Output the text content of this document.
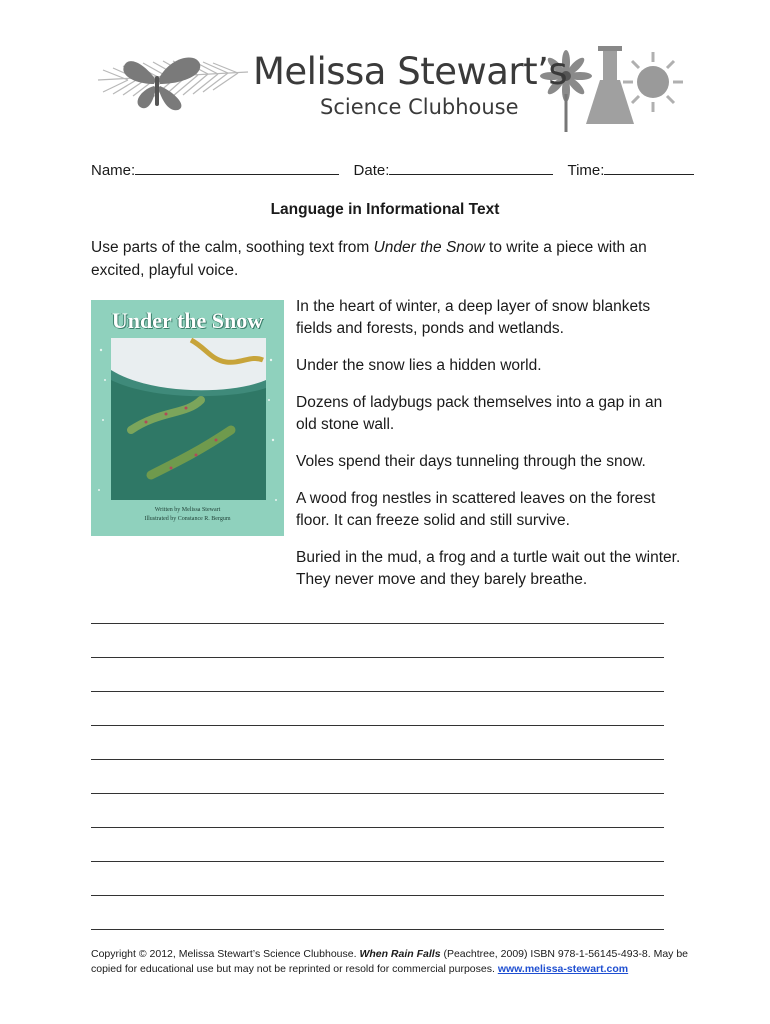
Melissa Stewart’s
Science Clubhouse
Name:	Date:	Time:
Language in Informational Text
Use parts of the calm, soothing text from Under the Snow to write a piece with an excited, playful voice.
Under the Snow
Written by Melissa Stewart
Illustrated by Constance R. Bergum

In the heart of winter, a deep layer of snow blankets fields and forests, ponds and wetlands.

Under the snow lies a hidden world.

Dozens of ladybugs pack themselves into a gap in an old stone wall.

Voles spend their days tunneling through the snow.

A wood frog nestles in scattered leaves on the forest floor. It can freeze solid and still survive.

Buried in the mud, a frog and a turtle wait out the winter. They never move and they barely breathe.

Copyright © 2012, Melissa Stewart’s Science Clubhouse. When Rain Falls (Peachtree, 2009) ISBN 978-1-56145-493-8. May be copied for educational use but may not be reprinted or resold for commercial purposes. www.melissa-stewart.com
